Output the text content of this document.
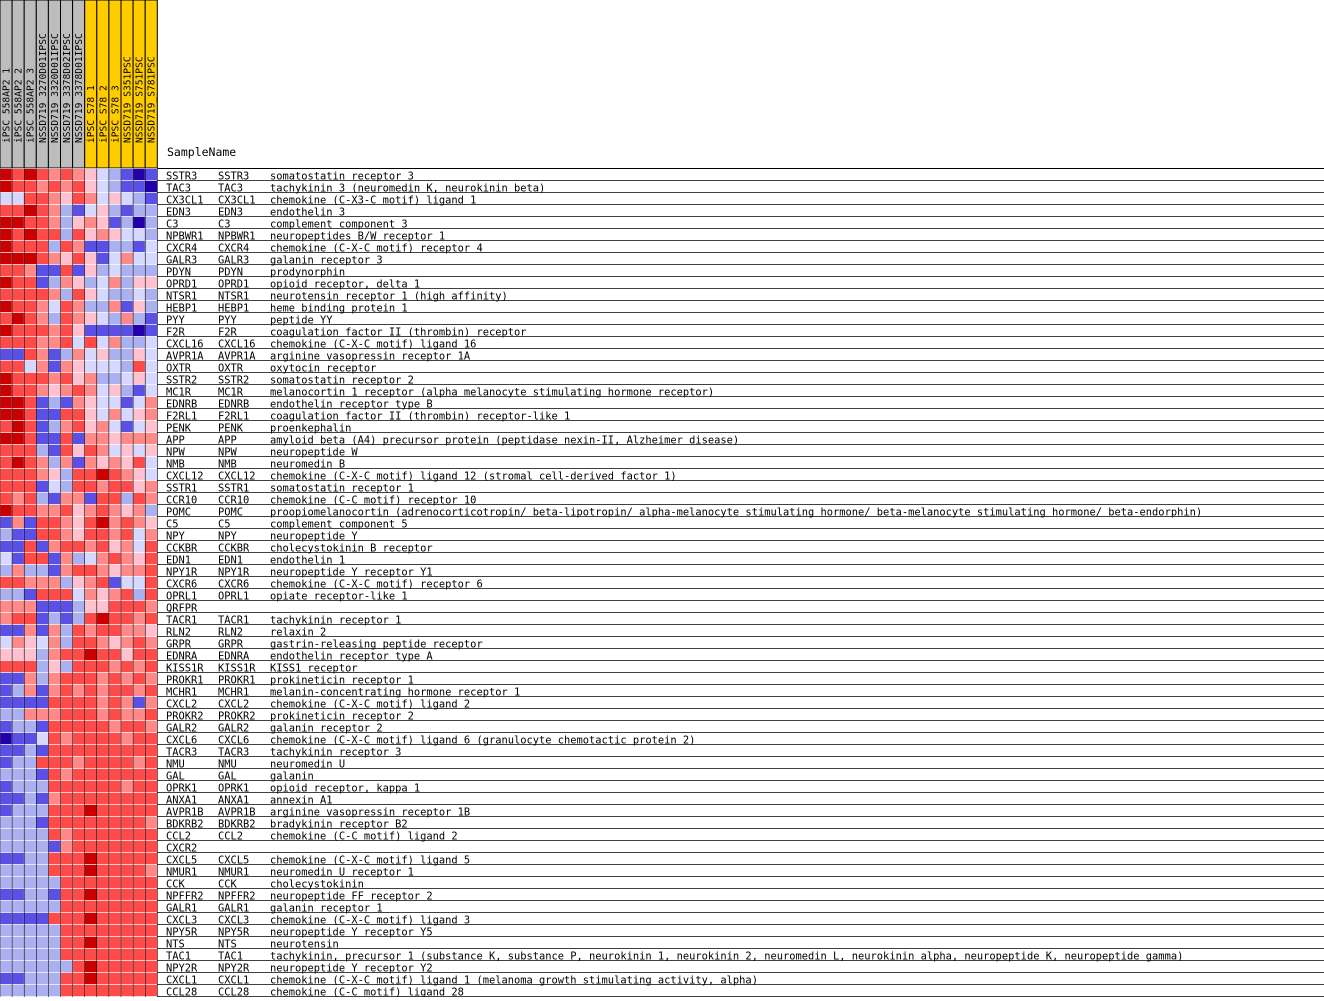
iPSC_558AP2_1 iPSC_558AP2_2 iPSC_558AP2_3 NSSD719_3270D01IPSC NSSD719_3320D01IPSC NSSD719_3378D02IPSC NSSD719_3378D01IPSC iPSC_S78_1 iPSC_S78_2 iPSC_S78_3 NSSD719_S351PSC NSSD719_S751PSC NSSD719_S781PSC
SampleName
SSTR3 SSTR3 somatostatin receptor 3
TAC3	TAC3	tachykinin 3 (neuromedin K, neurokinin beta)
CX3CL1 CX3CL1 chemokine (C-X3-C motif) ligand 1
EDN3	EDN3	endothelin 3
C3	C3	complement component 3
NPBWR1 NPBWR1 neuropeptides B/W receptor 1
CXCR4 CXCR4 chemokine (C-X-C motif) receptor 4
GALR3 GALR3 galanin receptor 3
PDYN	PDYN	prodynorphin
OPRD1 OPRD1 opioid receptor, delta 1
NTSR1 NTSR1 neurotensin receptor 1 (high affinity)
HEBP1 HEBP1 heme binding protein 1
PYY	PYY	peptide YY
F2R	F2R	coagulation factor II (thrombin) receptor
CXCL16 CXCL16 chemokine (C-X-C motif) ligand 16
AVPR1A AVPR1A arginine vasopressin receptor 1A
OXTR	OXTR	oxytocin receptor
SSTR2 SSTR2 somatostatin receptor 2
MC1R	MC1R	melanocortin 1 receptor (alpha melanocyte stimulating hormone receptor)
EDNRB EDNRB endothelin receptor type B
F2RL1 F2RL1 coagulation factor II (thrombin) receptor-like 1
PENK	PENK	proenkephalin
APP	APP	amyloid beta (A4) precursor protein (peptidase nexin-II, Alzheimer disease)
NPW	NPW	neuropeptide W
NMB	NMB	neuromedin B
CXCL12 CXCL12 chemokine (C-X-C motif) ligand 12 (stromal cell-derived factor 1)
SSTR1 SSTR1 somatostatin receptor 1
CCR10 CCR10 chemokine (C-C motif) receptor 10
POMC	POMC	proopiomelanocortin (adrenocorticotropin/ beta-lipotropin/ alpha-melanocyte stimulating hormone/ beta-melanocyte stimulating hormone/ beta-endorphin)
C5	C5	complement component 5
NPY	NPY	neuropeptide Y
CCKBR CCKBR cholecystokinin B receptor
EDN1	EDN1	endothelin 1
NPY1R NPY1R neuropeptide Y receptor Y1
CXCR6 CXCR6 chemokine (C-X-C motif) receptor 6
OPRL1 OPRL1 opiate receptor-like 1
QRFPR
TACR1 TACR1 tachykinin receptor 1
RLN2	RLN2	relaxin 2
GRPR	GRPR	gastrin-releasing peptide receptor
EDNRA EDNRA endothelin receptor type A
KISS1R KISS1R KISS1 receptor
PROKR1 PROKR1 prokineticin receptor 1
MCHR1 MCHR1 melanin-concentrating hormone receptor 1
CXCL2 CXCL2 chemokine (C-X-C motif) ligand 2
PROKR2 PROKR2 prokineticin receptor 2
GALR2 GALR2 galanin receptor 2
CXCL6 CXCL6 chemokine (C-X-C motif) ligand 6 (granulocyte chemotactic protein 2)
TACR3 TACR3 tachykinin receptor 3
NMU	NMU	neuromedin U
GAL	GAL	galanin
OPRK1 OPRK1 opioid receptor, kappa 1
ANXA1 ANXA1 annexin A1
AVPR1B AVPR1B arginine vasopressin receptor 1B
BDKRB2 BDKRB2 bradykinin receptor B2
CCL2	CCL2	chemokine (C-C motif) ligand 2
CXCR2
CXCL5 CXCL5 chemokine (C-X-C motif) ligand 5
NMUR1 NMUR1 neuromedin U receptor 1
CCK	CCK	cholecystokinin
NPFFR2 NPFFR2 neuropeptide FF receptor 2
GALR1 GALR1 galanin receptor 1
CXCL3 CXCL3 chemokine (C-X-C motif) ligand 3
NPY5R NPY5R neuropeptide Y receptor Y5
NTS	NTS	neurotensin
TAC1	TAC1	tachykinin, precursor 1 (substance K, substance P, neurokinin 1, neurokinin 2, neuromedin L, neurokinin alpha, neuropeptide K, neuropeptide gamma)
NPY2R NPY2R neuropeptide Y receptor Y2
CXCL1 CXCL1 chemokine (C-X-C motif) ligand 1 (melanoma growth stimulating activity, alpha)
CCL28 CCL28 chemokine (C-C motif) ligand 28
